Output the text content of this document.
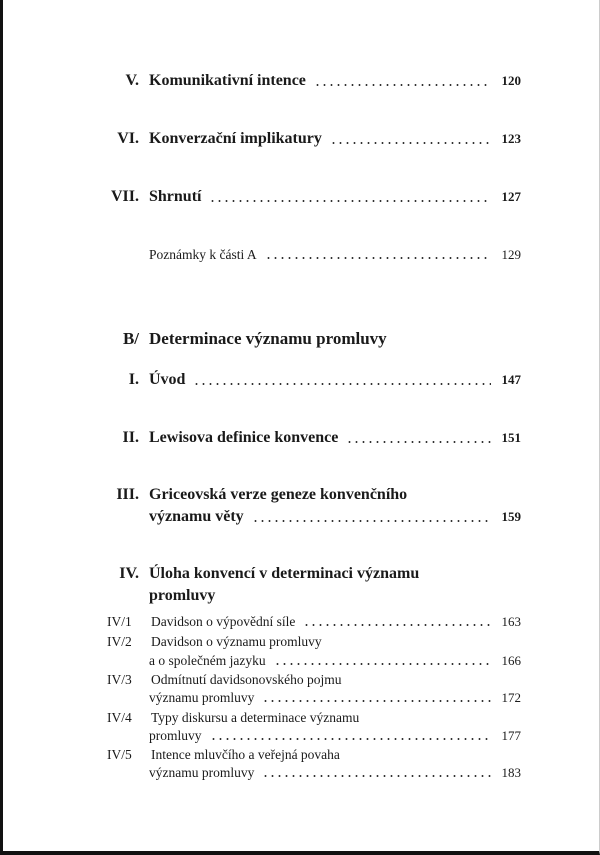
V. Komunikativní intence	120
VI. Konverzační implikatury	123
VII. Shrnutí	127
Poznámky k části A	129
B/ Determinace významu promluvy
I. Úvod	147
II. Lewisova definice konvence	151
III. Griceovská verze geneze konvenčního
významu věty	159
IV. Úloha konvencí v determinaci významu
promluvy
IV/1	Davidson o výpovědní síle	163
IV/2	Davidson o významu promluvy
a o společném jazyku	166
IV/3	Odmítnutí davidsonovského pojmu
významu promluvy	172
IV/4	Typy diskursu a determinace významu
promluvy	177
IV/5	Intence mluvčího a veřejná povaha
významu promluvy	183
